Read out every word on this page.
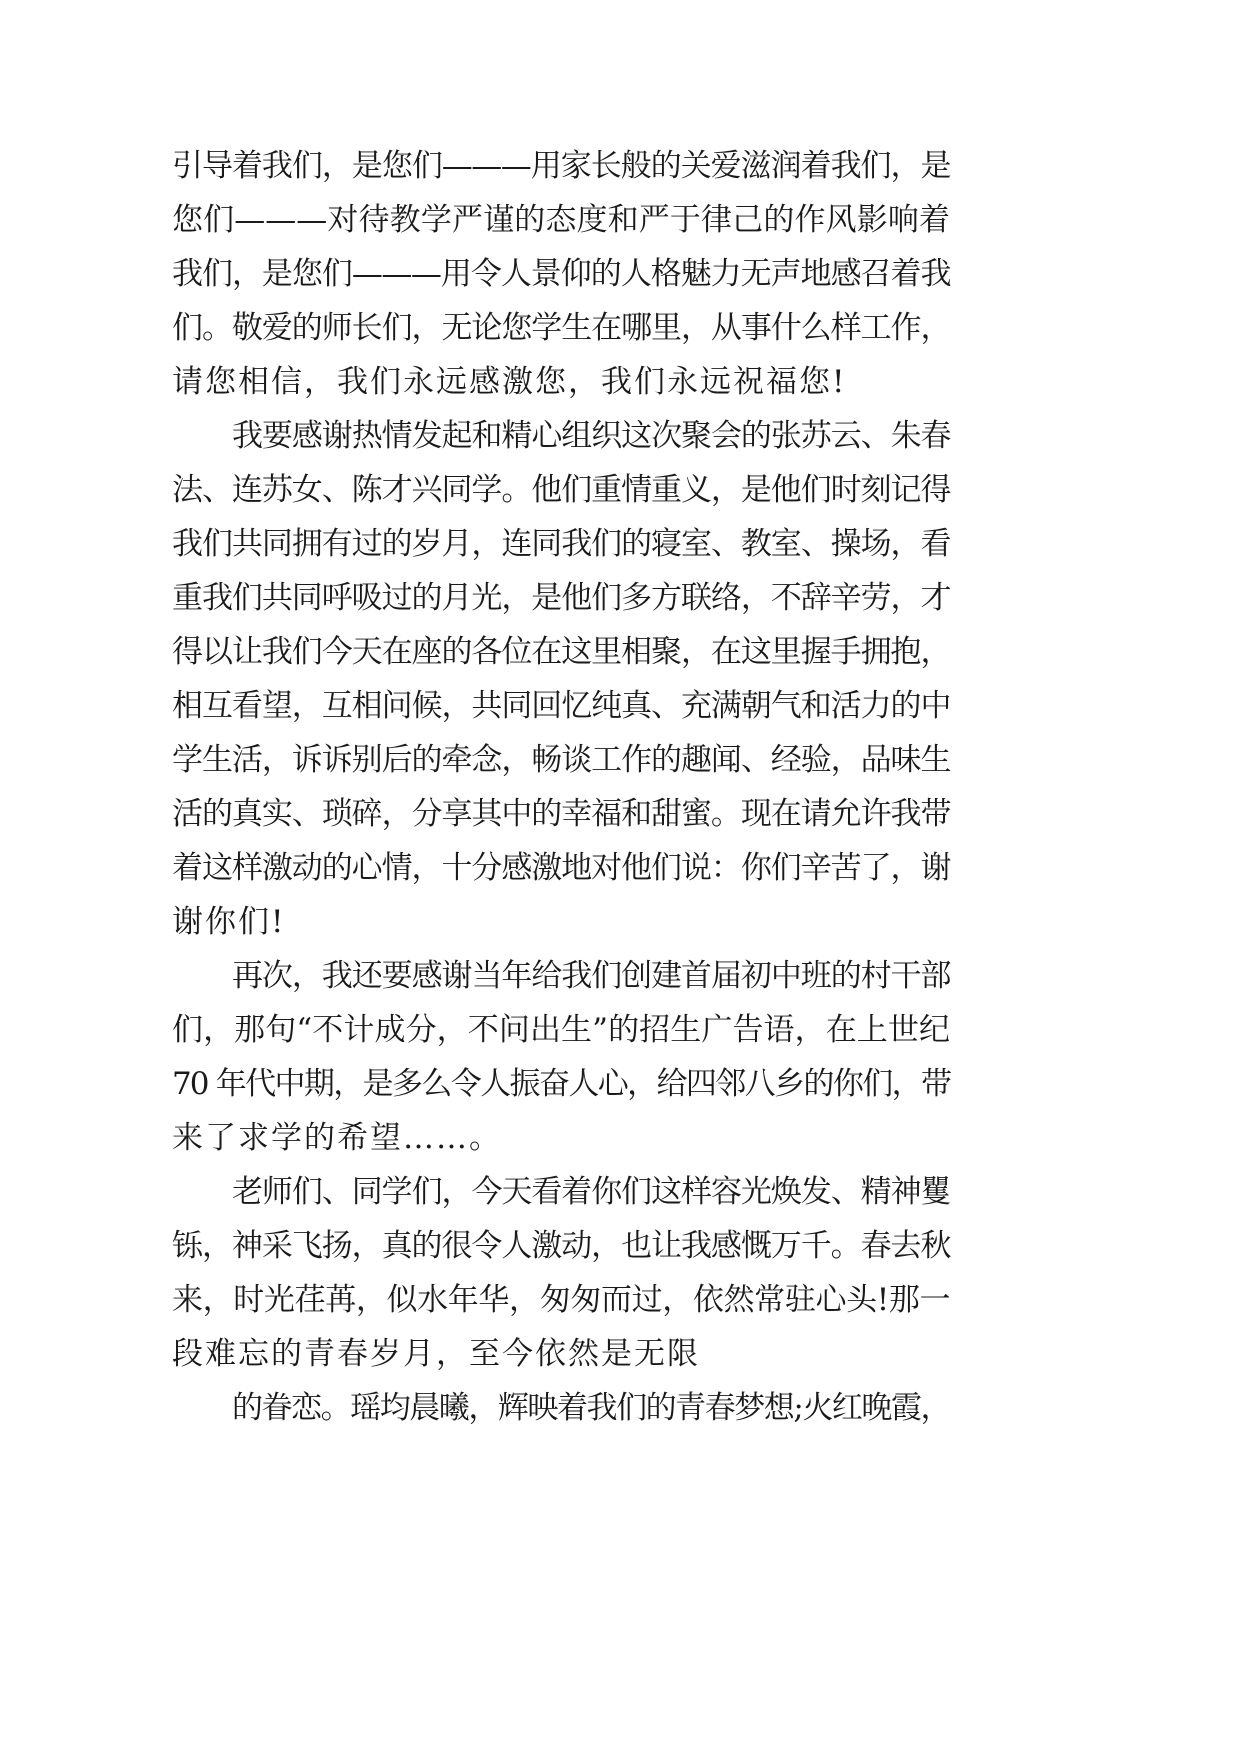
引导着我们，是您们———用家长般的关爱滋润着我们，是
您们———对待教学严谨的态度和严于律己的作风影响着
我们，是您们———用令人景仰的人格魅力无声地感召着我
们。敬爱的师长们，无论您学生在哪里，从事什么样工作，
请您相信，我们永远感激您，我们永远祝福您!
我要感谢热情发起和精心组织这次聚会的张苏云、朱春
法、连苏女、陈才兴同学。他们重情重义，是他们时刻记得
我们共同拥有过的岁月，连同我们的寝室、教室、操场，看
重我们共同呼吸过的月光，是他们多方联络，不辞辛劳，才
得以让我们今天在座的各位在这里相聚，在这里握手拥抱，
相互看望，互相问候，共同回忆纯真、充满朝气和活力的中
学生活，诉诉别后的牵念，畅谈工作的趣闻、经验，品味生
活的真实、琐碎，分享其中的幸福和甜蜜。现在请允许我带
着这样激动的心情，十分感激地对他们说：你们辛苦了，谢
谢你们!
再次，我还要感谢当年给我们创建首届初中班的村干部
们，那句“不计成分，不问出生”的招生广告语，在上世纪
70 年代中期，是多么令人振奋人心，给四邻八乡的你们，带
来了求学的希望……。
老师们、同学们，今天看着你们这样容光焕发、精神矍
铄，神采飞扬，真的很令人激动，也让我感慨万千。春去秋
来，时光荏苒，似水年华，匆匆而过，依然常驻心头!那一
段难忘的青春岁月，至今依然是无限
的眷恋。瑶均晨曦，辉映着我们的青春梦想;火红晚霞，
